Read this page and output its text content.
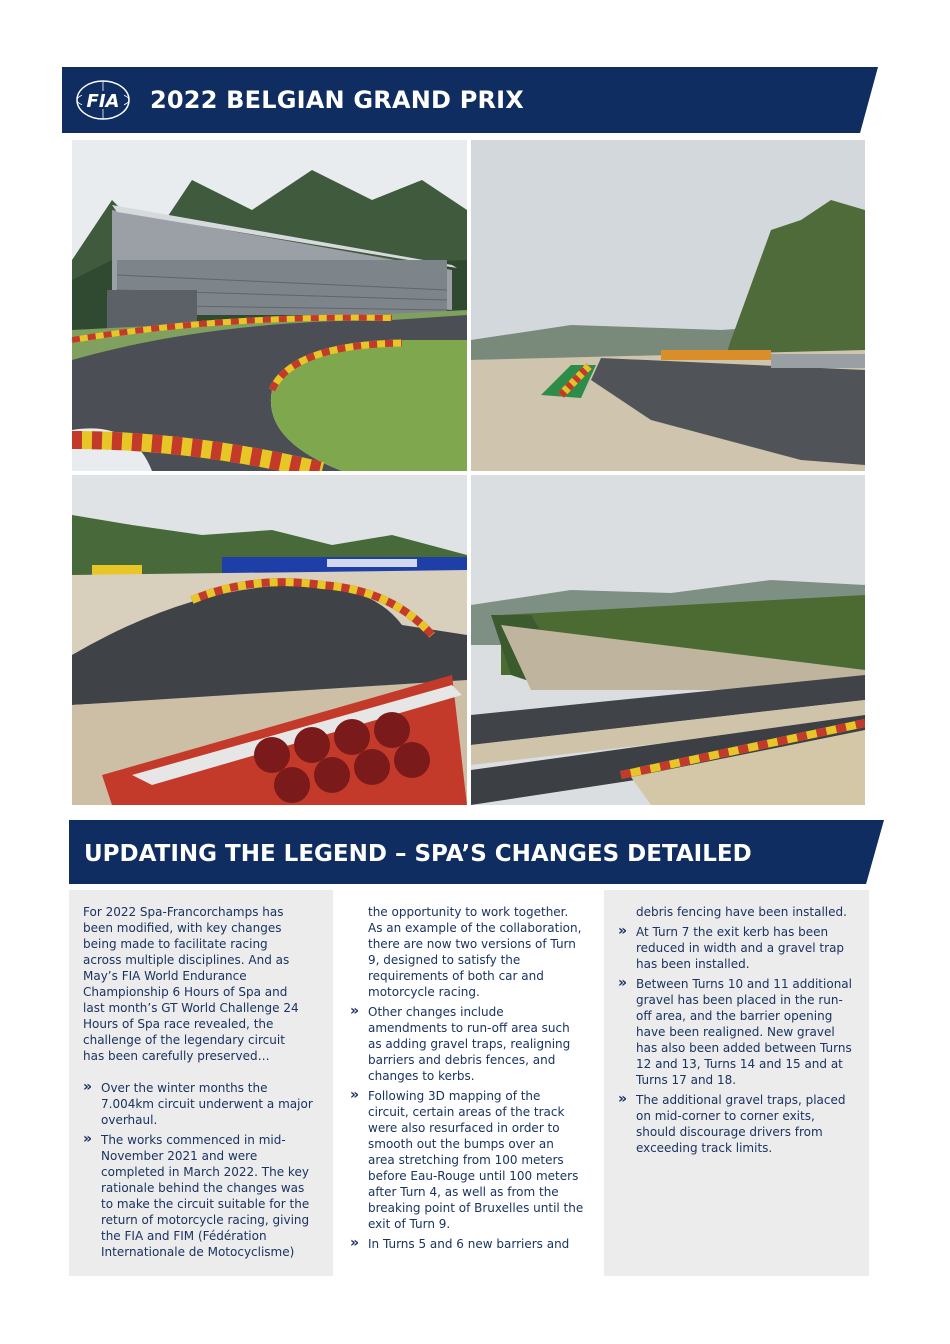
FIA 2022 BELGIAN GRAND PRIX
UPDATING THE LEGEND – SPA’S CHANGES DETAILED

For 2022 Spa-Francorchamps has been modified, with key changes being made to facilitate racing across multiple disciplines. And as May’s FIA World Endurance Championship 6 Hours of Spa and last month’s GT World Challenge 24 Hours of Spa race revealed, the challenge of the legendary circuit has been carefully preserved…

» Over the winter months the 7.004km circuit underwent a major overhaul.

» The works commenced in mid-November 2021 and were completed in March 2022. The key rationale behind the changes was to make the circuit suitable for the return of motorcycle racing, giving the FIA and FIM (Fédération Internationale de Motocyclisme)

the opportunity to work together. As an example of the collaboration, there are now two versions of Turn 9, designed to satisfy the requirements of both car and motorcycle racing.

» Other changes include amendments to run-off area such as adding gravel traps, realigning barriers and debris fences, and changes to kerbs.

» Following 3D mapping of the circuit, certain areas of the track were also resurfaced in order to smooth out the bumps over an area stretching from 100 meters before Eau-Rouge until 100 meters after Turn 4, as well as from the breaking point of Bruxelles until the exit of Turn 9.

» In Turns 5 and 6 new barriers and

debris fencing have been installed.

» At Turn 7 the exit kerb has been reduced in width and a gravel trap has been installed.

» Between Turns 10 and 11 additional gravel has been placed in the run-off area, and the barrier opening have been realigned. New gravel has also been added between Turns 12 and 13, Turns 14 and 15 and at Turns 17 and 18.

» The additional gravel traps, placed on mid-corner to corner exits, should discourage drivers from exceeding track limits.
